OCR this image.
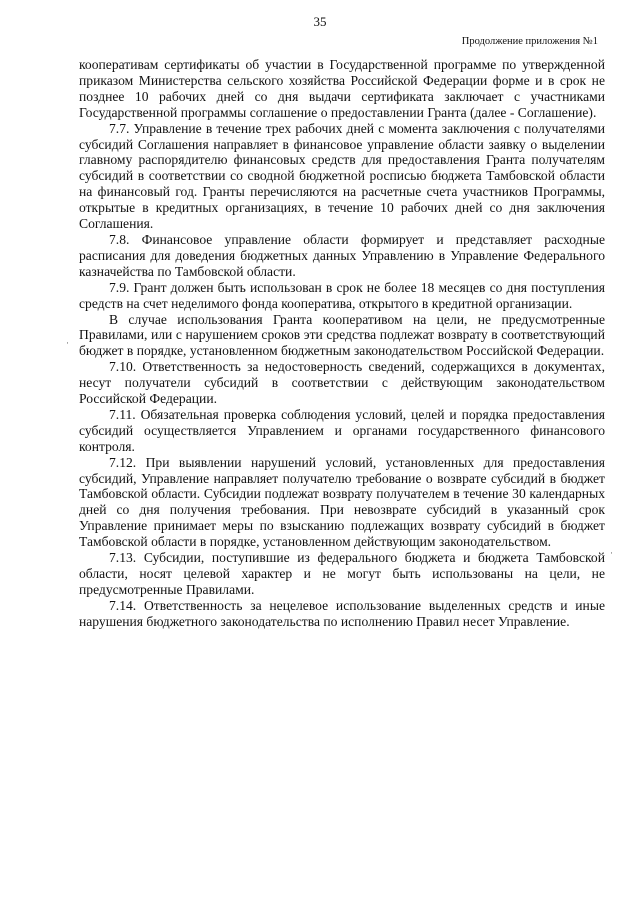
35
Продолжение приложения №1

кооперативам сертификаты об участии в Государственной программе по утвержденной приказом Министерства сельского хозяйства Российской Федерации форме и в срок не позднее 10 рабочих дней со дня выдачи сертификата заключает с участниками Государственной программы соглашение о предоставлении Гранта (далее - Соглашение).

7.7. Управление в течение трех рабочих дней с момента заключения с получателями субсидий Соглашения направляет в финансовое управление области заявку о выделении главному распорядителю финансовых средств для предоставления Гранта получателям субсидий в соответствии со сводной бюджетной росписью бюджета Тамбовской области на финансовый год. Гранты перечисляются на расчетные счета участников Программы, открытые в кредитных организациях, в течение 10 рабочих дней со дня заключения Соглашения.

7.8. Финансовое управление области формирует и представляет расходные расписания для доведения бюджетных данных Управлению в Управление Федерального казначейства по Тамбовской области.

7.9. Грант должен быть использован в срок не более 18 месяцев со дня поступления средств на счет неделимого фонда кооператива, открытого в кредитной организации.

В случае использования Гранта кооперативом на цели, не предусмотренные Правилами, или с нарушением сроков эти средства подлежат возврату в соответствующий бюджет в порядке, установленном бюджетным законодательством Российской Федерации.

7.10. Ответственность за недостоверность сведений, содержащихся в документах, несут получатели субсидий в соответствии с действующим законодательством Российской Федерации.

7.11. Обязательная проверка соблюдения условий, целей и порядка предоставления субсидий осуществляется Управлением и органами государственного финансового контроля.

7.12. При выявлении нарушений условий, установленных для предоставления субсидий, Управление направляет получателю требование о возврате субсидий в бюджет Тамбовской области. Субсидии подлежат возврату получателем в течение 30 календарных дней со дня получения требования. При невозврате субсидий в указанный срок Управление принимает меры по взысканию подлежащих возврату субсидий в бюджет Тамбовской области в порядке, установленном действующим законодательством.

7.13. Субсидии, поступившие из федерального бюджета и бюджета Тамбовской области, носят целевой характер и не могут быть использованы на цели, не предусмотренные Правилами.

7.14. Ответственность за нецелевое использование выделенных средств и иные нарушения бюджетного законодательства по исполнению Правил несет Управление.

·
·
